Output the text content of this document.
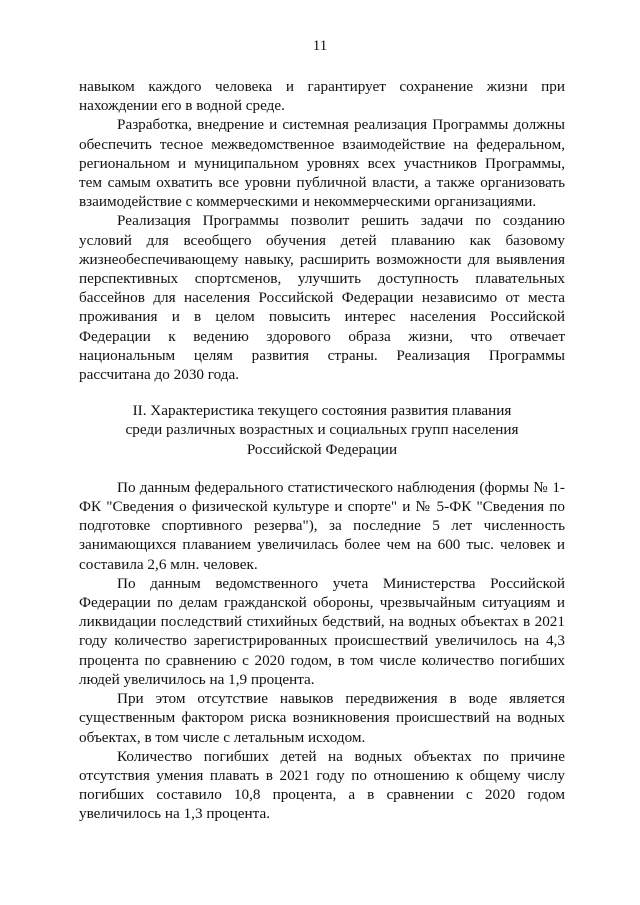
11

навыком каждого человека и гарантирует сохранение жизни при нахождении его в водной среде.

Разработка, внедрение и системная реализация Программы должны обеспечить тесное межведомственное взаимодействие на федеральном, региональном и муниципальном уровнях всех участников Программы, тем самым охватить все уровни публичной власти, а также организовать взаимодействие с коммерческими и некоммерческими организациями.

Реализация Программы позволит решить задачи по созданию условий для всеобщего обучения детей плаванию как базовому жизнеобеспечивающему навыку, расширить возможности для выявления перспективных спортсменов, улучшить доступность плавательных бассейнов для населения Российской Федерации независимо от места проживания и в целом повысить интерес населения Российской Федерации к ведению здорового образа жизни, что отвечает национальным целям развития страны. Реализация Программы рассчитана до 2030 года.

II. Характеристика текущего состояния развития плавания
среди различных возрастных и социальных групп населения
Российской Федерации

По данным федерального статистического наблюдения (формы № 1-ФК "Сведения о физической культуре и спорте" и № 5-ФК "Сведения по подготовке спортивного резерва"), за последние 5 лет численность занимающихся плаванием увеличилась более чем на 600 тыс. человек и составила 2,6 млн. человек.

По данным ведомственного учета Министерства Российской Федерации по делам гражданской обороны, чрезвычайным ситуациям и ликвидации последствий стихийных бедствий, на водных объектах в 2021 году количество зарегистрированных происшествий увеличилось на 4,3 процента по сравнению с 2020 годом, в том числе количество погибших людей увеличилось на 1,9 процента.

При этом отсутствие навыков передвижения в воде является существенным фактором риска возникновения происшествий на водных объектах, в том числе с летальным исходом.

Количество погибших детей на водных объектах по причине отсутствия умения плавать в 2021 году по отношению к общему числу погибших составило 10,8 процента, а в сравнении с 2020 годом увеличилось на 1,3 процента.
